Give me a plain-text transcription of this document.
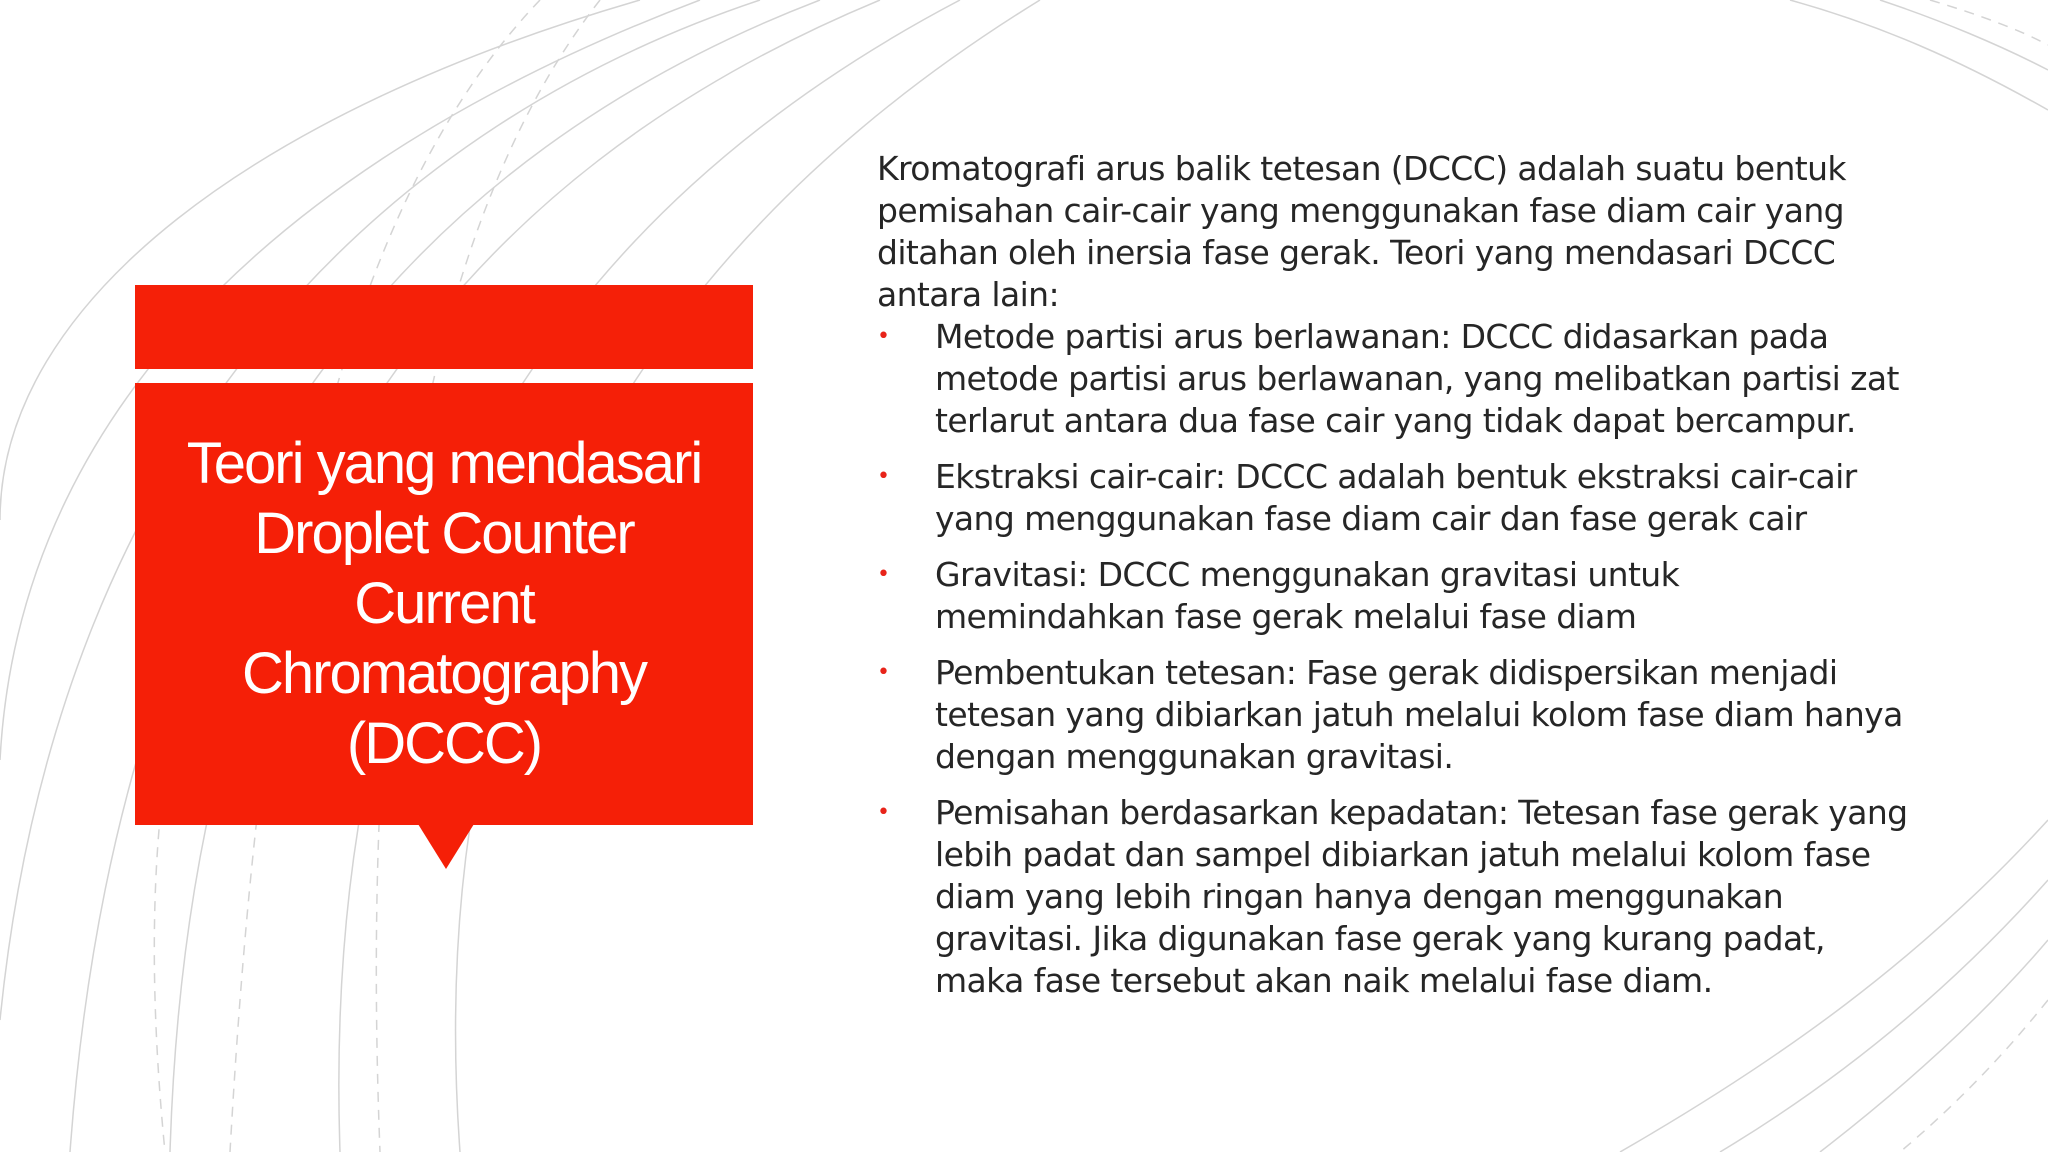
Teori yang mendasari Droplet Counter Current Chromatography (DCCC)

Kromatografi arus balik tetesan (DCCC) adalah suatu bentuk pemisahan cair-cair yang menggunakan fase diam cair yang ditahan oleh inersia fase gerak. Teori yang mendasari DCCC antara lain:

• Metode partisi arus berlawanan: DCCC didasarkan pada metode partisi arus berlawanan, yang melibatkan partisi zat terlarut antara dua fase cair yang tidak dapat bercampur.
• Ekstraksi cair-cair: DCCC adalah bentuk ekstraksi cair-cair yang menggunakan fase diam cair dan fase gerak cair
• Gravitasi: DCCC menggunakan gravitasi untuk memindahkan fase gerak melalui fase diam
• Pembentukan tetesan: Fase gerak didispersikan menjadi tetesan yang dibiarkan jatuh melalui kolom fase diam hanya dengan menggunakan gravitasi.
• Pemisahan berdasarkan kepadatan: Tetesan fase gerak yang lebih padat dan sampel dibiarkan jatuh melalui kolom fase diam yang lebih ringan hanya dengan menggunakan gravitasi. Jika digunakan fase gerak yang kurang padat, maka fase tersebut akan naik melalui fase diam.
